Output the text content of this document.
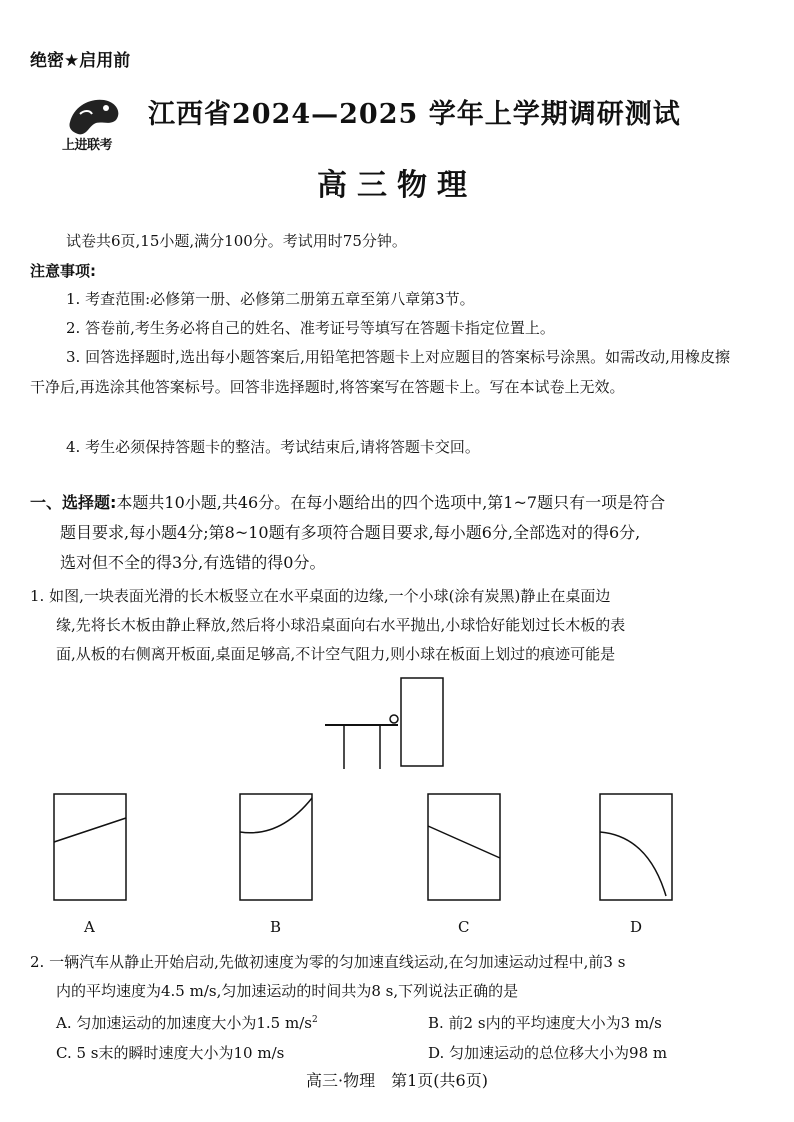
绝密★启用前
上进联考
江西省2024—2025 学年上学期调研测试
高三物理
试卷共6页,15小题,满分100分。考试用时75分钟。
注意事项:
1. 考查范围:必修第一册、必修第二册第五章至第八章第3节。
2. 答卷前,考生务必将自己的姓名、准考证号等填写在答题卡指定位置上。
3. 回答选择题时,选出每小题答案后,用铅笔把答题卡上对应题目的答案标号涂黑。如需改动,用橡皮擦干净后,再选涂其他答案标号。回答非选择题时,将答案写在答题卡上。写在本试卷上无效。
4. 考生必须保持答题卡的整洁。考试结束后,请将答题卡交回。
一、选择题:本题共10小题,共46分。在每小题给出的四个选项中,第1~7题只有一项是符合
题目要求,每小题4分;第8~10题有多项符合题目要求,每小题6分,全部选对的得6分,
选对但不全的得3分,有选错的得0分。
1. 如图,一块表面光滑的长木板竖立在水平桌面的边缘,一个小球(涂有炭黑)静止在桌面边
缘,先将长木板由静止释放,然后将小球沿桌面向右水平抛出,小球恰好能划过长木板的表
面,从板的右侧离开板面,桌面足够高,不计空气阻力,则小球在板面上划过的痕迹可能是
A	B	C	D
2. 一辆汽车从静止开始启动,先做初速度为零的匀加速直线运动,在匀加速运动过程中,前3 s
内的平均速度为4.5 m/s,匀加速运动的时间共为8 s,下列说法正确的是
A. 匀加速运动的加速度大小为1.5 $m/s^2$	B. 前2 s内的平均速度大小为3 m/s
C. 5 s末的瞬时速度大小为10 m/s	D. 匀加速运动的总位移大小为98 m
高三·物理　第1页(共6页)
